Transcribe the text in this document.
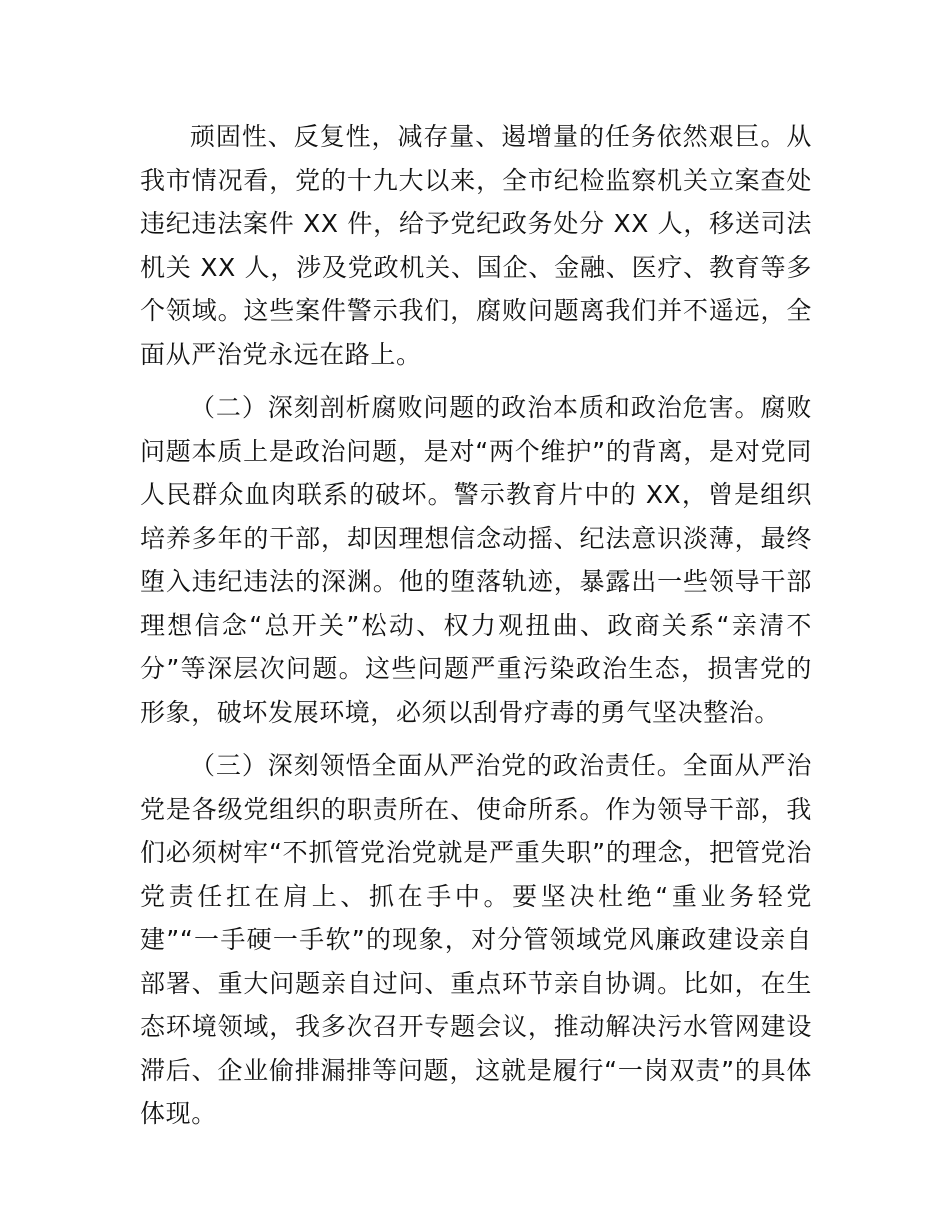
顽固性、反复性，减存量、遏增量的任务依然艰巨。从我市情况看，党的十九大以来，全市纪检监察机关立案查处违纪违法案件 XX 件，给予党纪政务处分 XX 人，移送司法机关 XX 人，涉及党政机关、国企、金融、医疗、教育等多个领域。这些案件警示我们，腐败问题离我们并不遥远，全面从严治党永远在路上。

（二）深刻剖析腐败问题的政治本质和政治危害。腐败问题本质上是政治问题，是对“两个维护”的背离，是对党同人民群众血肉联系的破坏。警示教育片中的 XX，曾是组织培养多年的干部，却因理想信念动摇、纪法意识淡薄，最终堕入违纪违法的深渊。他的堕落轨迹，暴露出一些领导干部理想信念“总开关”松动、权力观扭曲、政商关系“亲清不分”等深层次问题。这些问题严重污染政治生态，损害党的形象，破坏发展环境，必须以刮骨疗毒的勇气坚决整治。

（三）深刻领悟全面从严治党的政治责任。全面从严治党是各级党组织的职责所在、使命所系。作为领导干部，我们必须树牢“不抓管党治党就是严重失职”的理念，把管党治党责任扛在肩上、抓在手中。要坚决杜绝“重业务轻党建”“一手硬一手软”的现象，对分管领域党风廉政建设亲自部署、重大问题亲自过问、重点环节亲自协调。比如，在生态环境领域，我多次召开专题会议，推动解决污水管网建设滞后、企业偷排漏排等问题，这就是履行“一岗双责”的具体体现。
